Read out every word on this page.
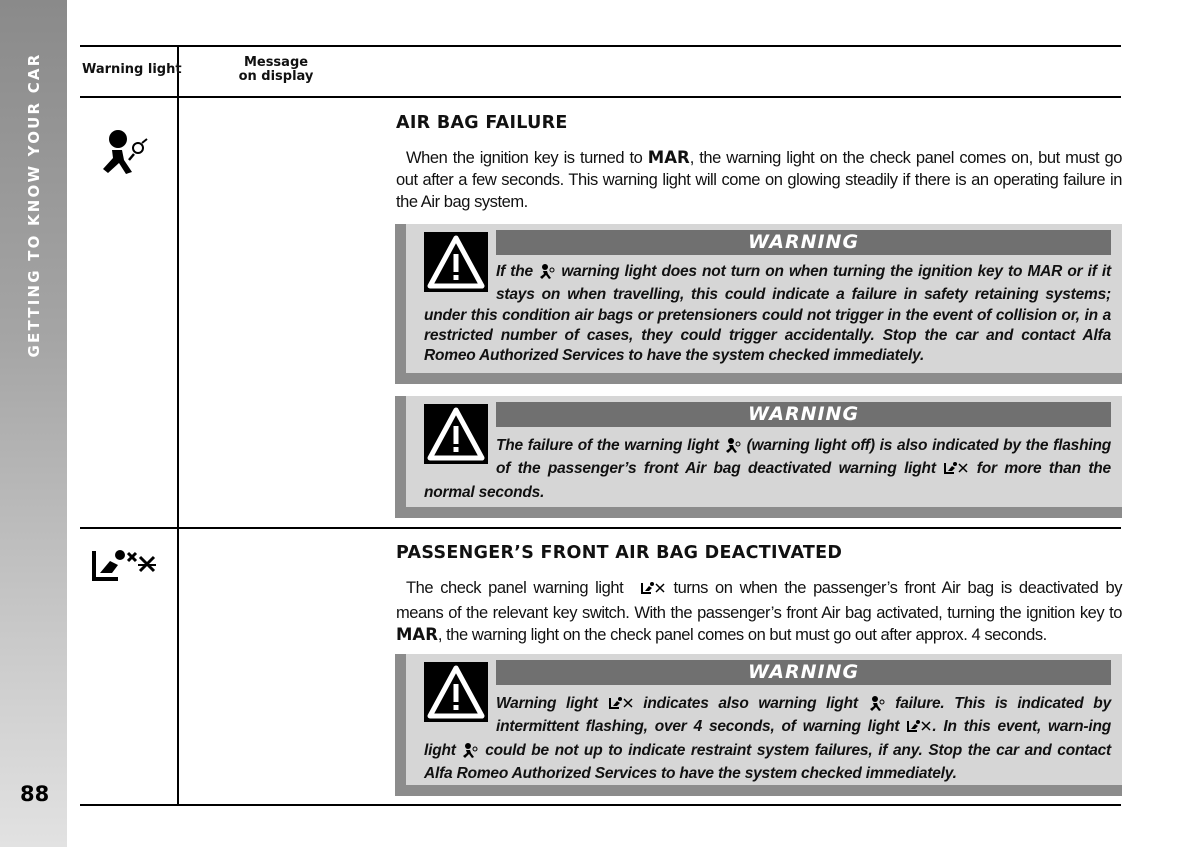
GETTING TO KNOW YOUR CAR
88
Warning light	Message
on display
AIR BAG FAILURE
When the ignition key is turned to MAR, the warning light on the check panel comes on, but must go out after a few seconds. This warning light will come on glowing steadily if there is an operating failure in the Air bag system.
WARNING
If the  warning light does not turn on when turning the ignition key to MAR or if it stays on when travelling, this could indicate a failure in safety retaining systems; under this condition air bags or pretensioners could not trigger in the event of collision or, in a restricted number of cases, they could trigger accidentally. Stop the car and contact Alfa Romeo Authorized Services to have the system checked immediately.
WARNING
The failure of the warning light  (warning light off) is also indicated by the flashing of the passenger’s front Air bag deactivated warning light  for more than the normal seconds.
PASSENGER’S FRONT AIR BAG DEACTIVATED
The check panel warning light  turns on when the passenger’s front Air bag is deactivated by means of the relevant key switch. With the passenger’s front Air bag activated, turning the ignition key to MAR, the warning light on the check panel comes on but must go out after approx. 4 seconds.
WARNING
Warning light  indicates also warning light  failure. This is indicated by intermittent flashing, over 4 seconds, of warning light . In this event, warn-ing light  could be not up to indicate restraint system failures, if any. Stop the car and contact Alfa Romeo Authorized Services to have the system checked immediately.
